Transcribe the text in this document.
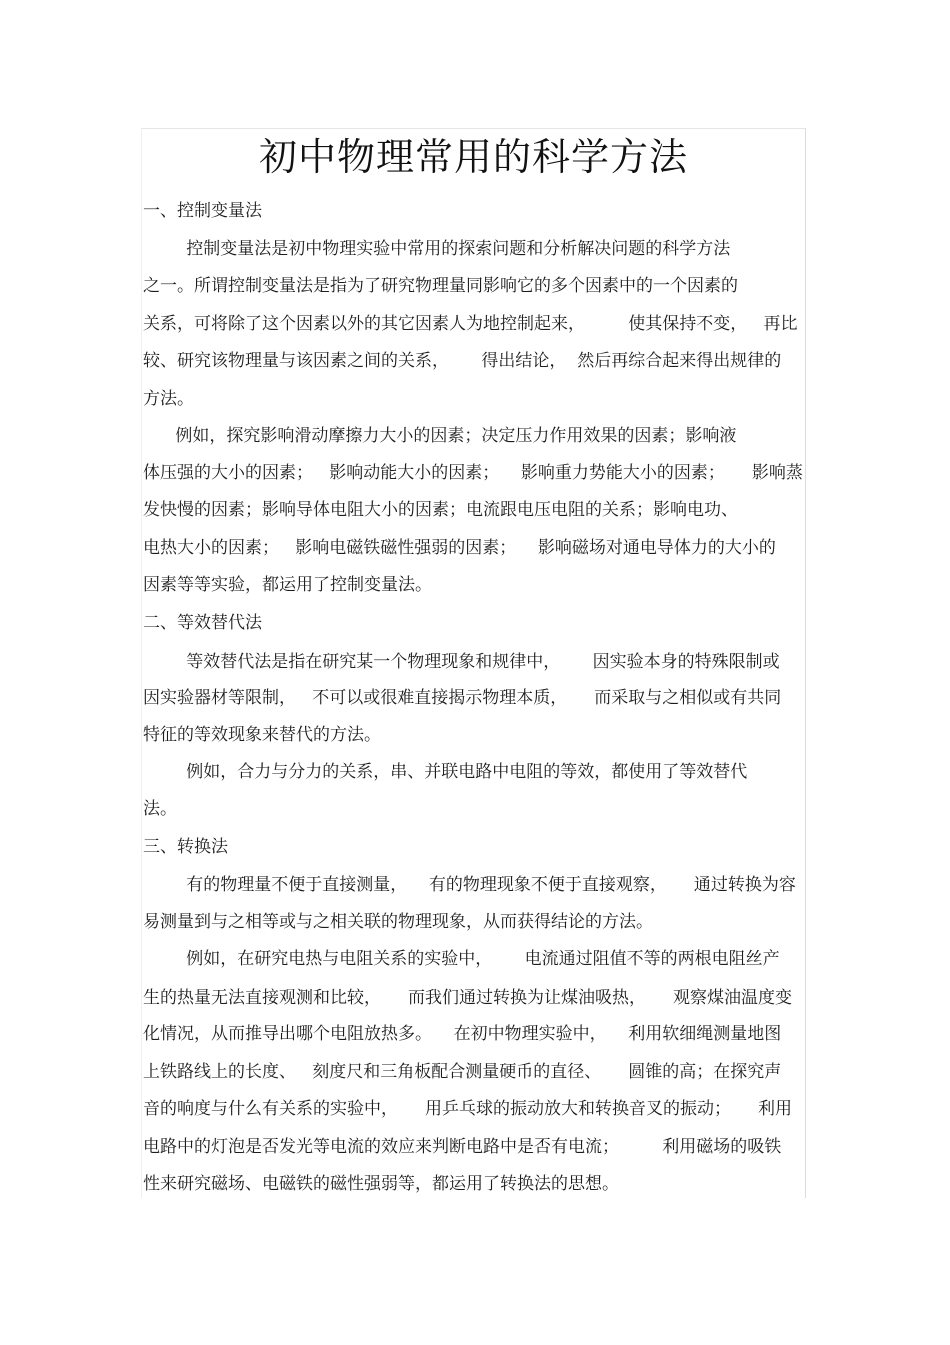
初中物理常用的科学方法
一、控制变量法
控制变量法是初中物理实验中常用的探索问题和分析解决问题的科学方法
之一。所谓控制变量法是指为了研究物理量同影响它的多个因素中的一个因素的
关系，可将除了这个因素以外的其它因素人为地控制起来，        使其保持不变，   再比
较、研究该物理量与该因素之间的关系，      得出结论，  然后再综合起来得出规律的
方法。
例如，探究影响滑动摩擦力大小的因素；决定压力作用效果的因素；影响液
体压强的大小的因素；   影响动能大小的因素；    影响重力势能大小的因素；     影响蒸
发快慢的因素；影响导体电阻大小的因素；电流跟电压电阻的关系；影响电功、
电热大小的因素；   影响电磁铁磁性强弱的因素；    影响磁场对通电导体力的大小的
因素等等实验，都运用了控制变量法。
二、等效替代法
等效替代法是指在研究某一个物理现象和规律中，      因实验本身的特殊限制或
因实验器材等限制，   不可以或很难直接揭示物理本质，     而采取与之相似或有共同
特征的等效现象来替代的方法。
例如，合力与分力的关系，串、并联电路中电阻的等效，都使用了等效替代
法。
三、转换法
有的物理量不便于直接测量，    有的物理现象不便于直接观察，     通过转换为容
易测量到与之相等或与之相关联的物理现象，从而获得结论的方法。
例如，在研究电热与电阻关系的实验中，      电流通过阻值不等的两根电阻丝产
生的热量无法直接观测和比较，     而我们通过转换为让煤油吸热，     观察煤油温度变
化情况，从而推导出哪个电阻放热多。    在初中物理实验中，    利用软细绳测量地图
上铁路线上的长度、   刻度尺和三角板配合测量硬币的直径、     圆锥的高；在探究声
音的响度与什么有关系的实验中，     用乒乓球的振动放大和转换音叉的振动；     利用
电路中的灯泡是否发光等电流的效应来判断电路中是否有电流；        利用磁场的吸铁
性来研究磁场、电磁铁的磁性强弱等，都运用了转换法的思想。
